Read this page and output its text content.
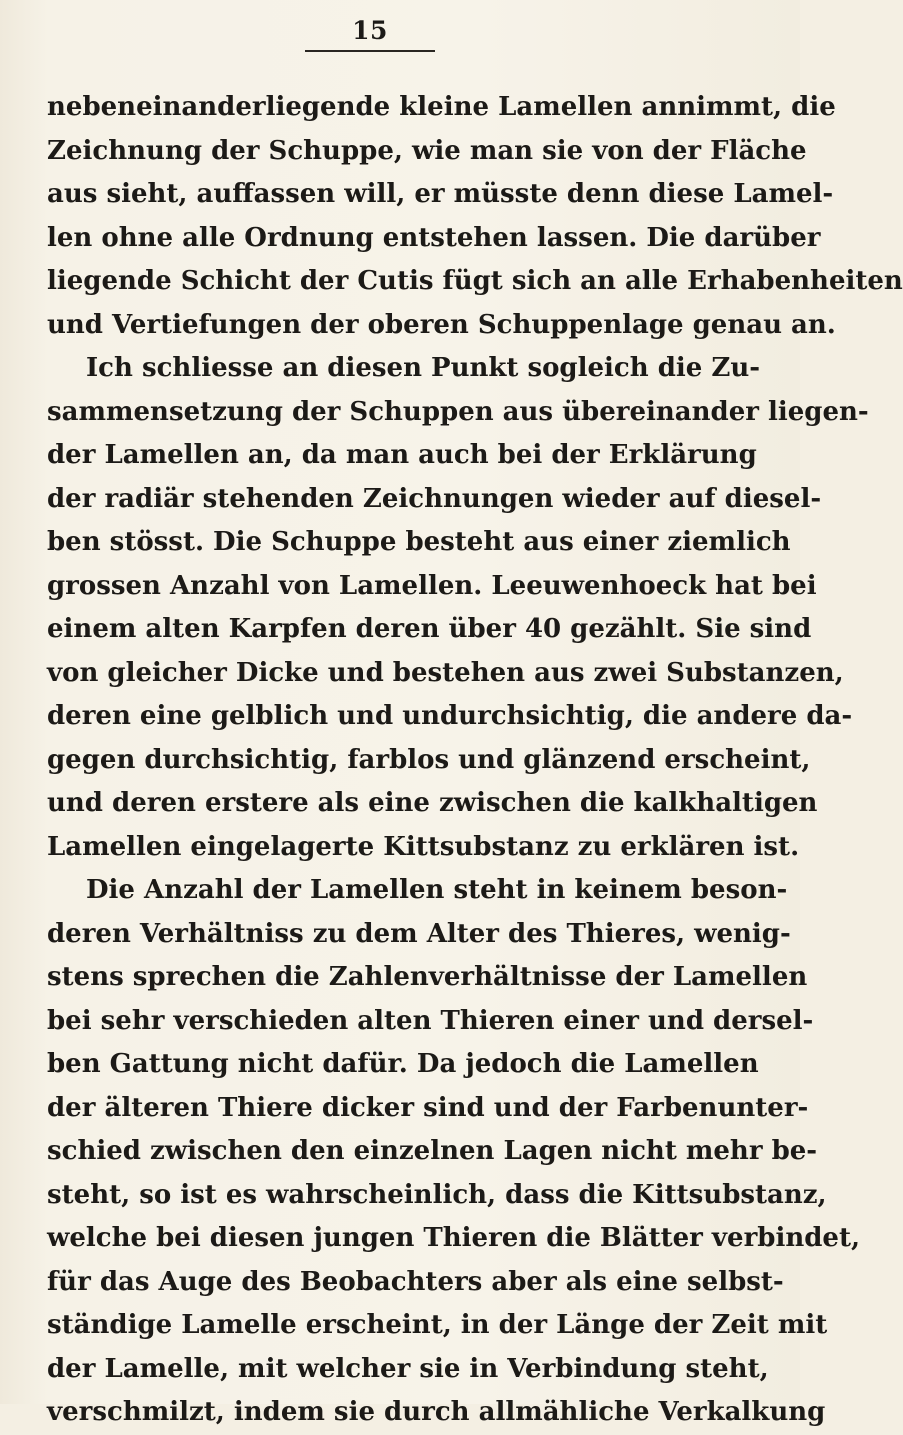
15
nebeneinanderliegende kleine Lamellen annimmt, die
Zeichnung der Schuppe, wie man sie von der Fläche
aus sieht, auffassen will, er müsste denn diese Lamel-
len ohne alle Ordnung entstehen lassen. Die darüber
liegende Schicht der Cutis fügt sich an alle Erhabenheiten
und Vertiefungen der oberen Schuppenlage genau an.
Ich schliesse an diesen Punkt sogleich die Zu-
sammensetzung der Schuppen aus übereinander liegen-
der Lamellen an, da man auch bei der Erklärung
der radiär stehenden Zeichnungen wieder auf diesel-
ben stösst. Die Schuppe besteht aus einer ziemlich
grossen Anzahl von Lamellen. Leeuwenhoeck hat bei
einem alten Karpfen deren über 40 gezählt. Sie sind
von gleicher Dicke und bestehen aus zwei Substanzen,
deren eine gelblich und undurchsichtig, die andere da-
gegen durchsichtig, farblos und glänzend erscheint,
und deren erstere als eine zwischen die kalkhaltigen
Lamellen eingelagerte Kittsubstanz zu erklären ist.
Die Anzahl der Lamellen steht in keinem beson-
deren Verhältniss zu dem Alter des Thieres, wenig-
stens sprechen die Zahlenverhältnisse der Lamellen
bei sehr verschieden alten Thieren einer und dersel-
ben Gattung nicht dafür. Da jedoch die Lamellen
der älteren Thiere dicker sind und der Farbenunter-
schied zwischen den einzelnen Lagen nicht mehr be-
steht, so ist es wahrscheinlich, dass die Kittsubstanz,
welche bei diesen jungen Thieren die Blätter verbindet,
für das Auge des Beobachters aber als eine selbst-
ständige Lamelle erscheint, in der Länge der Zeit mit
der Lamelle, mit welcher sie in Verbindung steht,
verschmilzt, indem sie durch allmähliche Verkalkung
